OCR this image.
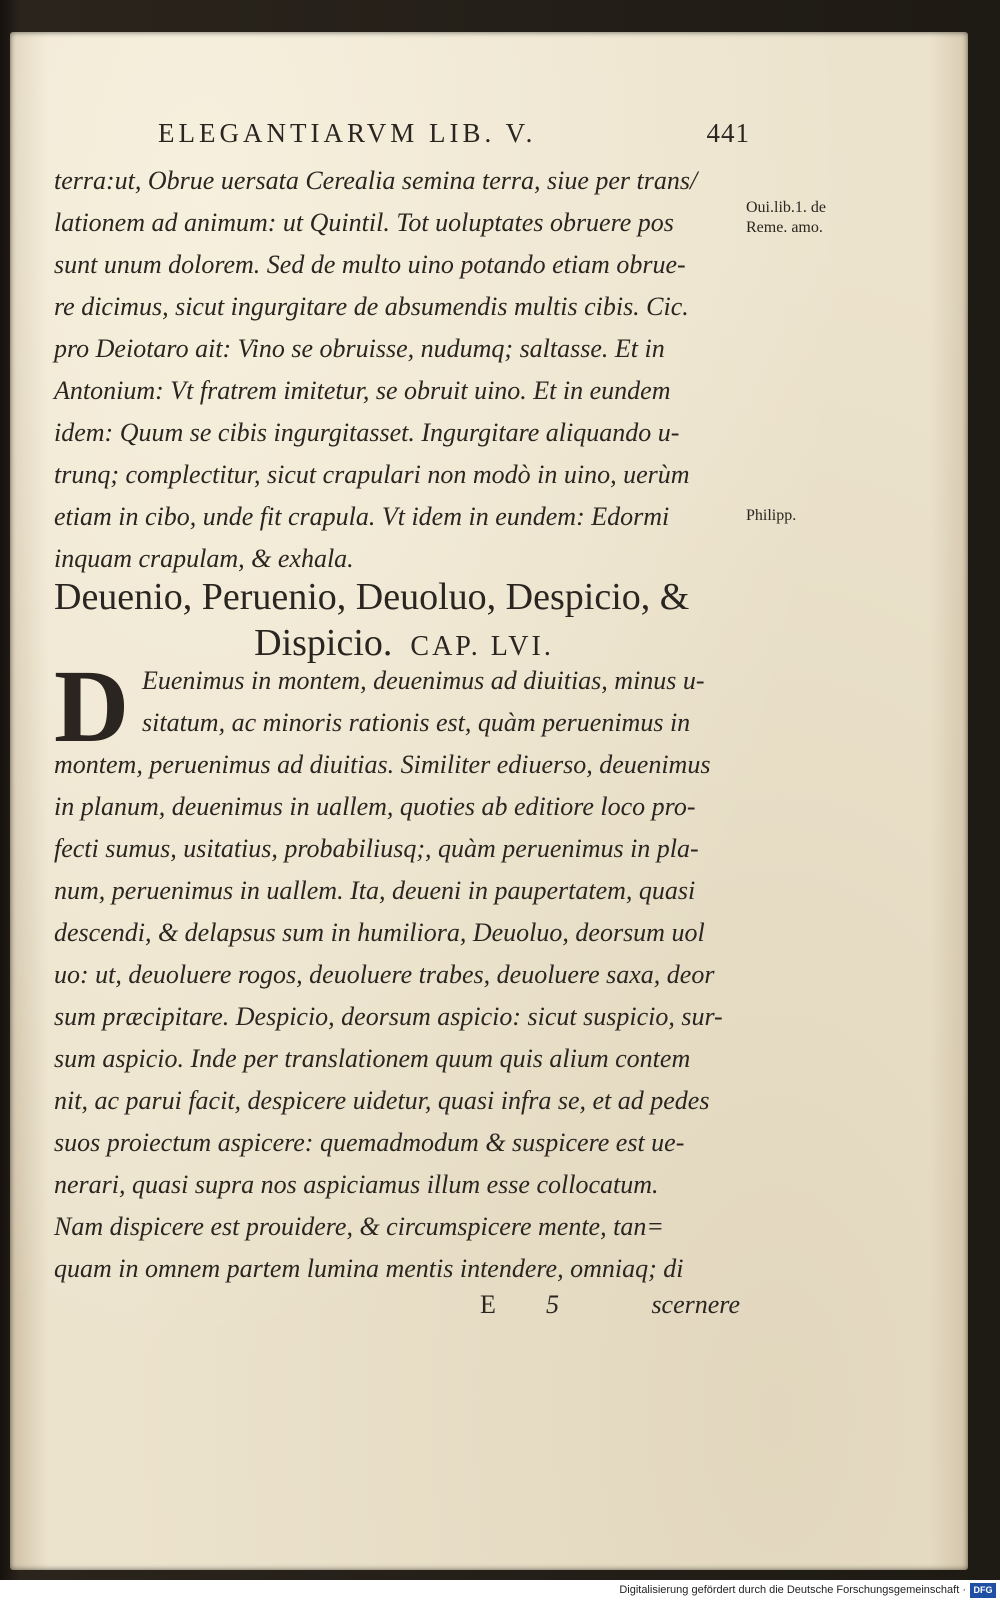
ELEGANTIARVM LIB. V.	441
terra:ut, Obrue uersata Cerealia semina terra, siue per trans/
lationem ad animum: ut Quintil. Tot uoluptates obruere pos
sunt unum dolorem. Sed de multo uino potando etiam obrue-
re dicimus, sicut ingurgitare de absumendis multis cibis. Cic.
pro Deiotaro ait: Vino se obruisse, nudumq; saltasse. Et in
Antonium: Vt fratrem imitetur, se obruit uino. Et in eundem
idem: Quum se cibis ingurgitasset. Ingurgitare aliquando u-
trunq; complectitur, sicut crapulari non modò in uino, uerùm
etiam in cibo, unde fit crapula. Vt idem in eundem: Edormi
inquam crapulam, & exhala.
Oui.lib.1. de
Reme. amo.
Philipp.
Deuenio, Peruenio, Deuoluo, Despicio, &
Dispicio. CAP. LVI.
D Euenimus in montem, deuenimus ad diuitias, minus u-
sitatum, ac minoris rationis est, quàm peruenimus in
montem, peruenimus ad diuitias. Similiter ediuerso, deuenimus
in planum, deuenimus in uallem, quoties ab editiore loco pro-
fecti sumus, usitatius, probabiliusq;, quàm peruenimus in pla-
num, peruenimus in uallem. Ita, deueni in paupertatem, quasi
descendi, & delapsus sum in humiliora, Deuoluo, deorsum uol
uo: ut, deuoluere rogos, deuoluere trabes, deuoluere saxa, deor
sum præcipitare. Despicio, deorsum aspicio: sicut suspicio, sur-
sum aspicio. Inde per translationem quum quis alium contem
nit, ac parui facit, despicere uidetur, quasi infra se, et ad pedes
suos proiectum aspicere: quemadmodum & suspicere est ue-
nerari, quasi supra nos aspiciamus illum esse collocatum.
Nam dispicere est prouidere, & circumspicere mente, tan=
quam in omnem partem lumina mentis intendere, omniaq; di
E 5	scernere
Digitalisierung gefördert durch die Deutsche Forschungsgemeinschaft · DFG
